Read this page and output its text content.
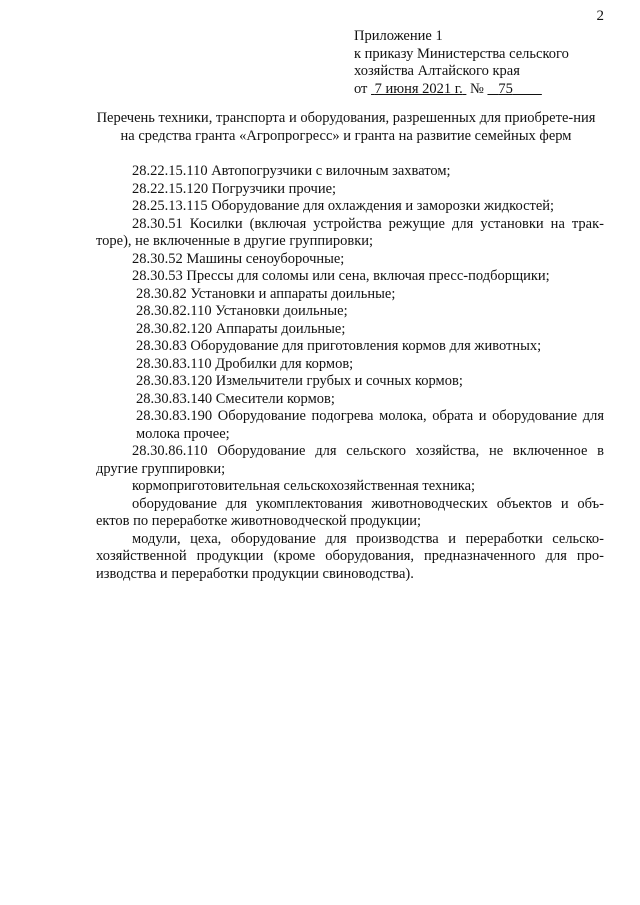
2
Приложение 1
к приказу Министерства сельского
хозяйства Алтайского края
от 7 июня 2021 г. № 75
Перечень техники, транспорта и оборудования, разрешенных для приобрете-ния на средства гранта «Агропрогресс» и гранта на развитие семейных ферм

28.22.15.110 Автопогрузчики с вилочным захватом;

28.22.15.120 Погрузчики прочие;

28.25.13.115 Оборудование для охлаждения и заморозки жидкостей;

28.30.51 Косилки (включая устройства режущие для установки на трак-торе), не включенные в другие группировки;

28.30.52 Машины сеноуборочные;

28.30.53 Прессы для соломы или сена, включая пресс-подборщики;

28.30.82 Установки и аппараты доильные;

28.30.82.110 Установки доильные;

28.30.82.120 Аппараты доильные;

28.30.83 Оборудование для приготовления кормов для животных;

28.30.83.110 Дробилки для кормов;

28.30.83.120 Измельчители грубых и сочных кормов;

28.30.83.140 Смесители кормов;

28.30.83.190 Оборудование подогрева молока, обрата и оборудование для молока прочее;

28.30.86.110 Оборудование для сельского хозяйства, не включенное в другие группировки;

кормоприготовительная сельскохозяйственная техника;

оборудование для укомплектования животноводческих объектов и объ-ектов по переработке животноводческой продукции;

модули, цеха, оборудование для производства и переработки сельско-хозяйственной продукции (кроме оборудования, предназначенного для про-изводства и переработки продукции свиноводства).
